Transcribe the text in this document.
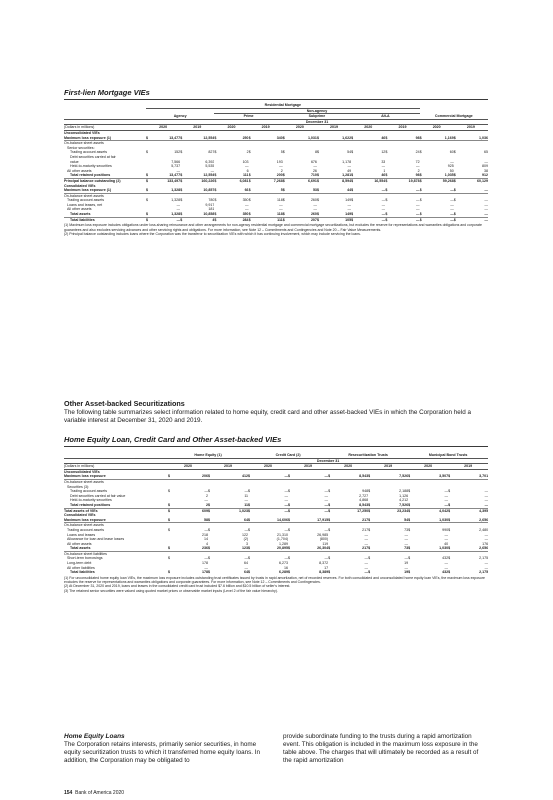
First-lien Mortgage VIEs

	Residential Mortgage																			
					Non-agency															
	Agency				Prime				Subprime				Alt-A				Commercial Mortgage			
	December 31																			
(Dollars in millions)	2020		2019		2020		2019		2020		2019		2020		2019		2020		2019	
Unconsolidated VIEs																				
Maximum loss exposure (1)	$	13,477	$	12,554	$	250	$	340	$	1,031	$	1,622	$	46	$	98	$	1,169	$	1,036
On-balance sheet assets																				
Senior securities:																				
Trading account assets	$	152	$	827	$	2	$	5	$	8	$	54	$	12	$	24	$	60	$	65
Debt securities carried at fair																				
value		7,566		6,392		103		193		676		1,178		33		72		—		—
Held-to-maturity securities		5,737		5,535		—		—		—		—		—		—		925		809
All other assets		—		—		6		2		26		49		1		2		50		38
Total retained positions	$	13,477	$	12,554	$	111	$	200	$	710	$	1,281	$	46	$	98	$	1,035	$	912
Principal balance outstanding (2)	$	133,497	$	160,226	$	6,081	$	7,268	$	6,691	$	8,594	$	16,554	$	19,878	$	59,268	$	60,129

Consolidated VIEs																				
Maximum loss exposure (1)	$	1,328	$	10,857	$	66	$	5	$	53	$	44	$	—	$	—	$	—	$	—
On-balance sheet assets																				
Trading account assets	$	1,328	$	780	$	350	$	118	$	260	$	149	$	—	$	—	$	—	$	—
Loans and leases, net		—		9,917		—		—		—		—		—		—		—		—
All other assets		—		181		—		—		—		—		—		—		—		—
Total assets	$	1,328	$	10,858	$	350	$	118	$	260	$	149	$	—	$	—	$	—	$	—
Total liabilities	$	—	$	4	$	284	$	111	$	207	$	105	$	—	$	—	$	—	$	—

(1) Maximum loss exposure includes obligations under loss-sharing reinsurance and other arrangements for non-agency residential mortgage and commercial mortgage securitizations, but excludes the reserve for representations and warranties obligations and corporate guarantees and also excludes servicing advances and other servicing rights and obligations. For more information, see Note 12 – Commitments and Contingencies and Note 20 – Fair Value Measurements.

(2) Principal balance outstanding includes loans where the Corporation was the transferor to securitization VIEs with which it has continuing involvement, which may include servicing the loans.

Other Asset-backed Securitizations

The following table summarizes select information related to home equity, credit card and other asset-backed VIEs in which the Corporation held a variable interest at December 31, 2020 and 2019.

Home Equity Loan, Credit Card and Other Asset-backed VIEs

	Home Equity (1)				Credit Card (2)				Resecuritization Trusts				Municipal Bond Trusts			
	December 31															
(Dollars in millions)	2020		2019		2020		2019		2020		2019		2020		2019	
Unconsolidated VIEs																
Maximum loss exposure	$	206	$	412	$	—	$	—	$	8,543	$	7,526	$	3,507	$	3,701
On-balance sheet assets																
Securities (3):																
Trading account assets	$	—	$	—	$	—	$	—	$	948	$	2,188	$	—	$	—
Debt securities carried at fair value		2		11		—		—		2,727		1,126		—		—
Held-to-maturity securities		—		—		—		—		4,868		4,212		—		—
Total retained positions	$	2	$	11	$	—	$	—	$	8,543	$	7,526	$	—	$	—
Total assets of VIEs	$	609	$	1,023	$	—	$	—	$	17,250	$	23,234	$	4,042	$	4,395

Consolidated VIEs																
Maximum loss exposure	$	58	$	64	$	14,606	$	17,915	$	217	$	54	$	1,030	$	2,656
On-balance sheet assets																
Trading account assets	$	—	$	—	$	—	$	—	$	217	$	73	$	990	$	2,480
Loans and leases		218		122		21,310		26,985		—		—		—		—
Allowance for loan and lease losses		14		(2)		(1,704)		(800)		—		—		—		—
All other assets		4		3		1,289		119		—		—		40		176
Total assets	$	236	$	123	$	20,895	$	26,304	$	217	$	73	$	1,030	$	2,656
On-balance sheet liabilities																
Short-term borrowings	$	—	$	—	$	—	$	—	$	—	$	—	$	432	$	2,175
Long-term debt		178		64		6,273		8,372		—		19		—		—
All other liabilities		—		—		16		17		—		—		—		—
Total liabilities	$	178	$	64	$	6,289	$	8,389	$	—	$	19	$	432	$	2,175

(1) For unconsolidated home equity loan VIEs, the maximum loss exposure includes outstanding trust certificates issued by trusts in rapid amortization, net of recorded reserves. For both consolidated and unconsolidated home equity loan VIEs, the maximum loss exposure excludes the reserve for representations and warranties obligations and corporate guarantees. For more information, see Note 12 – Commitments and Contingencies.

(2) At December 31, 2020 and 2019, loans and leases in the consolidated credit card trust included $7.6 billion and $10.5 billion of seller's interest.

(3) The retained senior securities were valued using quoted market prices or observable market inputs (Level 2 of the fair value hierarchy).

Home Equity Loans

The Corporation retains interests, primarily senior securities, in home equity securitization trusts to which it transferred home equity loans. In addition, the Corporation may be obligated to

provide subordinate funding to the trusts during a rapid amortization event. This obligation is included in the maximum loss exposure in the table above. The charges that will ultimately be recorded as a result of the rapid amortization

154 Bank of America 2020
